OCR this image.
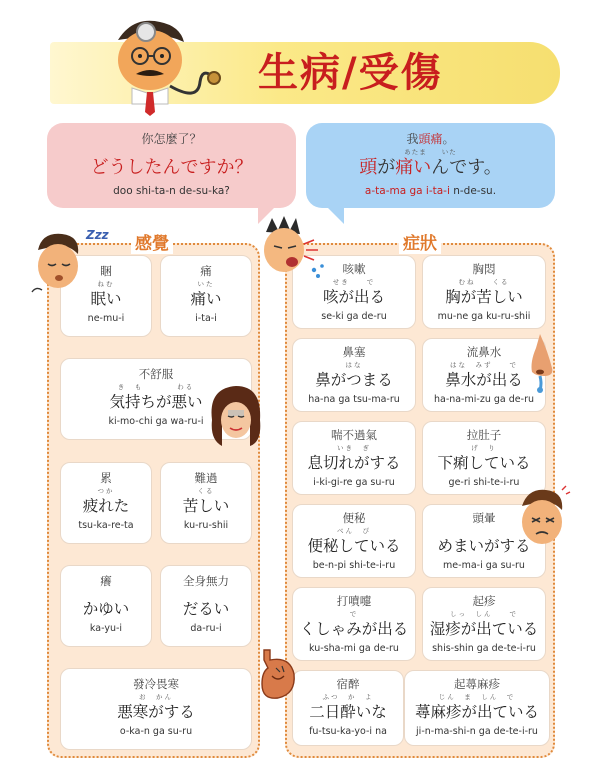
生病/受傷
你怎麼了？
どうしたんですか？
doo shi-ta-n de-su-ka?
我頭痛。
あたま　　いた
頭が痛いんです。
a-ta-ma ga i-ta-i n-de-su.
感覺	症狀
睏
ねむ
眠い
ne-mu-i
痛
いた
痛い
i-ta-i
不舒服
き　も　　　　わる
気持ちが悪い
ki-mo-chi ga wa-ru-i
累
つか
疲れた
tsu-ka-re-ta
難過
くる
苦しい
ku-ru-shii
癢
かゆい
ka-yu-i
全身無力
だるい
da-ru-i
發冷畏寒
お　かん
悪寒がする
o-ka-n ga su-ru
咳嗽
せき　　で
咳が出る
se-ki ga de-ru
胸悶
むね　　くる
胸が苦しい
mu-ne ga ku-ru-shii
鼻塞
はな
鼻がつまる
ha-na ga tsu-ma-ru
流鼻水
はな　みず　　で
鼻水が出る
ha-na-mi-zu ga de-ru
喘不過氣
いき　ぎ
息切れがする
i-ki-gi-re ga su-ru
拉肚子
げ　り
下痢している
ge-ri shi-te-i-ru
便秘
べん　ぴ
便秘している
be-n-pi shi-te-i-ru
頭暈
めまいがする
me-ma-i ga su-ru
打噴嚏
で
くしゃみが出る
ku-sha-mi ga de-ru
起疹
しっ　しん　　で
湿疹が出ている
shis-shin ga de-te-i-ru
宿醉
ふつ　か　よ
二日酔いな
fu-tsu-ka-yo-i na
起蕁麻疹
じん　ま　しん　で
蕁麻疹が出ている
ji-n-ma-shi-n ga de-te-i-ru
Zzz
